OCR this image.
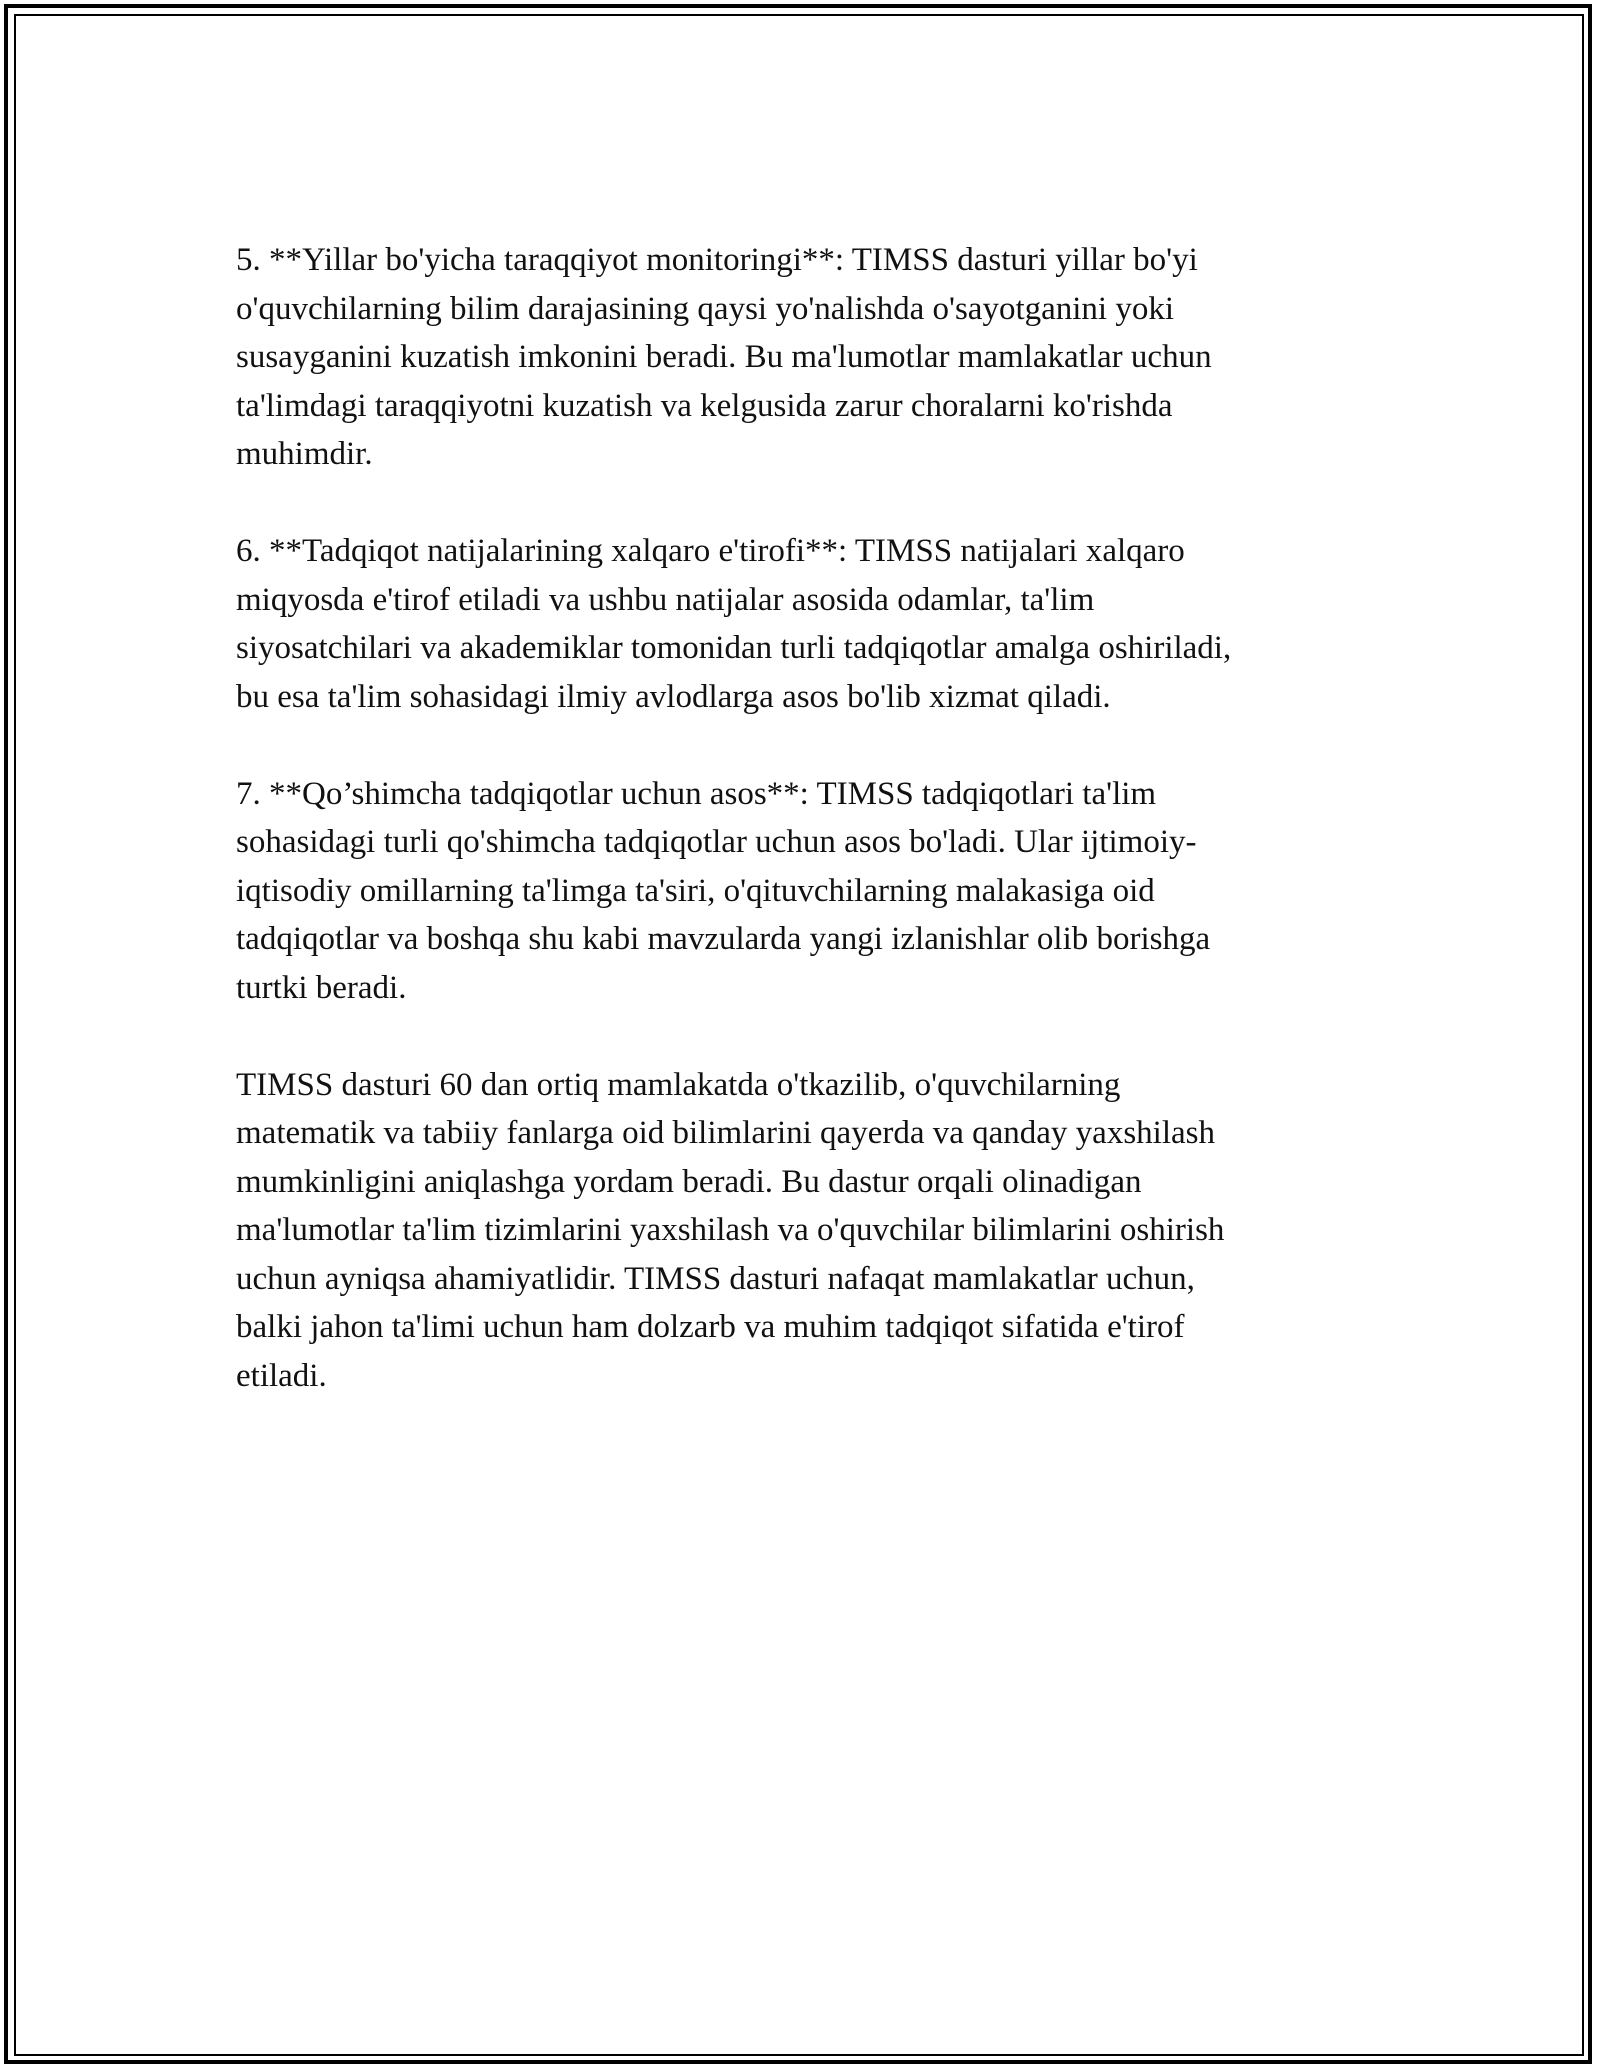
5. **Yillar bo'yicha taraqqiyot monitoringi**: TIMSS dasturi yillar bo'yi
o'quvchilarning bilim darajasining qaysi yo'nalishda o'sayotganini yoki
susayganini kuzatish imkonini beradi. Bu ma'lumotlar mamlakatlar uchun
ta'limdagi taraqqiyotni kuzatish va kelgusida zarur choralarni ko'rishda
muhimdir.

6. **Tadqiqot natijalarining xalqaro e'tirofi**: TIMSS natijalari xalqaro
miqyosda e'tirof etiladi va ushbu natijalar asosida odamlar, ta'lim
siyosatchilari va akademiklar tomonidan turli tadqiqotlar amalga oshiriladi,
bu esa ta'lim sohasidagi ilmiy avlodlarga asos bo'lib xizmat qiladi.

7. **Qo’shimcha tadqiqotlar uchun asos**: TIMSS tadqiqotlari ta'lim
sohasidagi turli qo'shimcha tadqiqotlar uchun asos bo'ladi. Ular ijtimoiy-
iqtisodiy omillarning ta'limga ta'siri, o'qituvchilarning malakasiga oid
tadqiqotlar va boshqa shu kabi mavzularda yangi izlanishlar olib borishga
turtki beradi.

TIMSS dasturi 60 dan ortiq mamlakatda o'tkazilib, o'quvchilarning
matematik va tabiiy fanlarga oid bilimlarini qayerda va qanday yaxshilash
mumkinligini aniqlashga yordam beradi. Bu dastur orqali olinadigan
ma'lumotlar ta'lim tizimlarini yaxshilash va o'quvchilar bilimlarini oshirish
uchun ayniqsa ahamiyatlidir. TIMSS dasturi nafaqat mamlakatlar uchun,
balki jahon ta'limi uchun ham dolzarb va muhim tadqiqot sifatida e'tirof
etiladi.
